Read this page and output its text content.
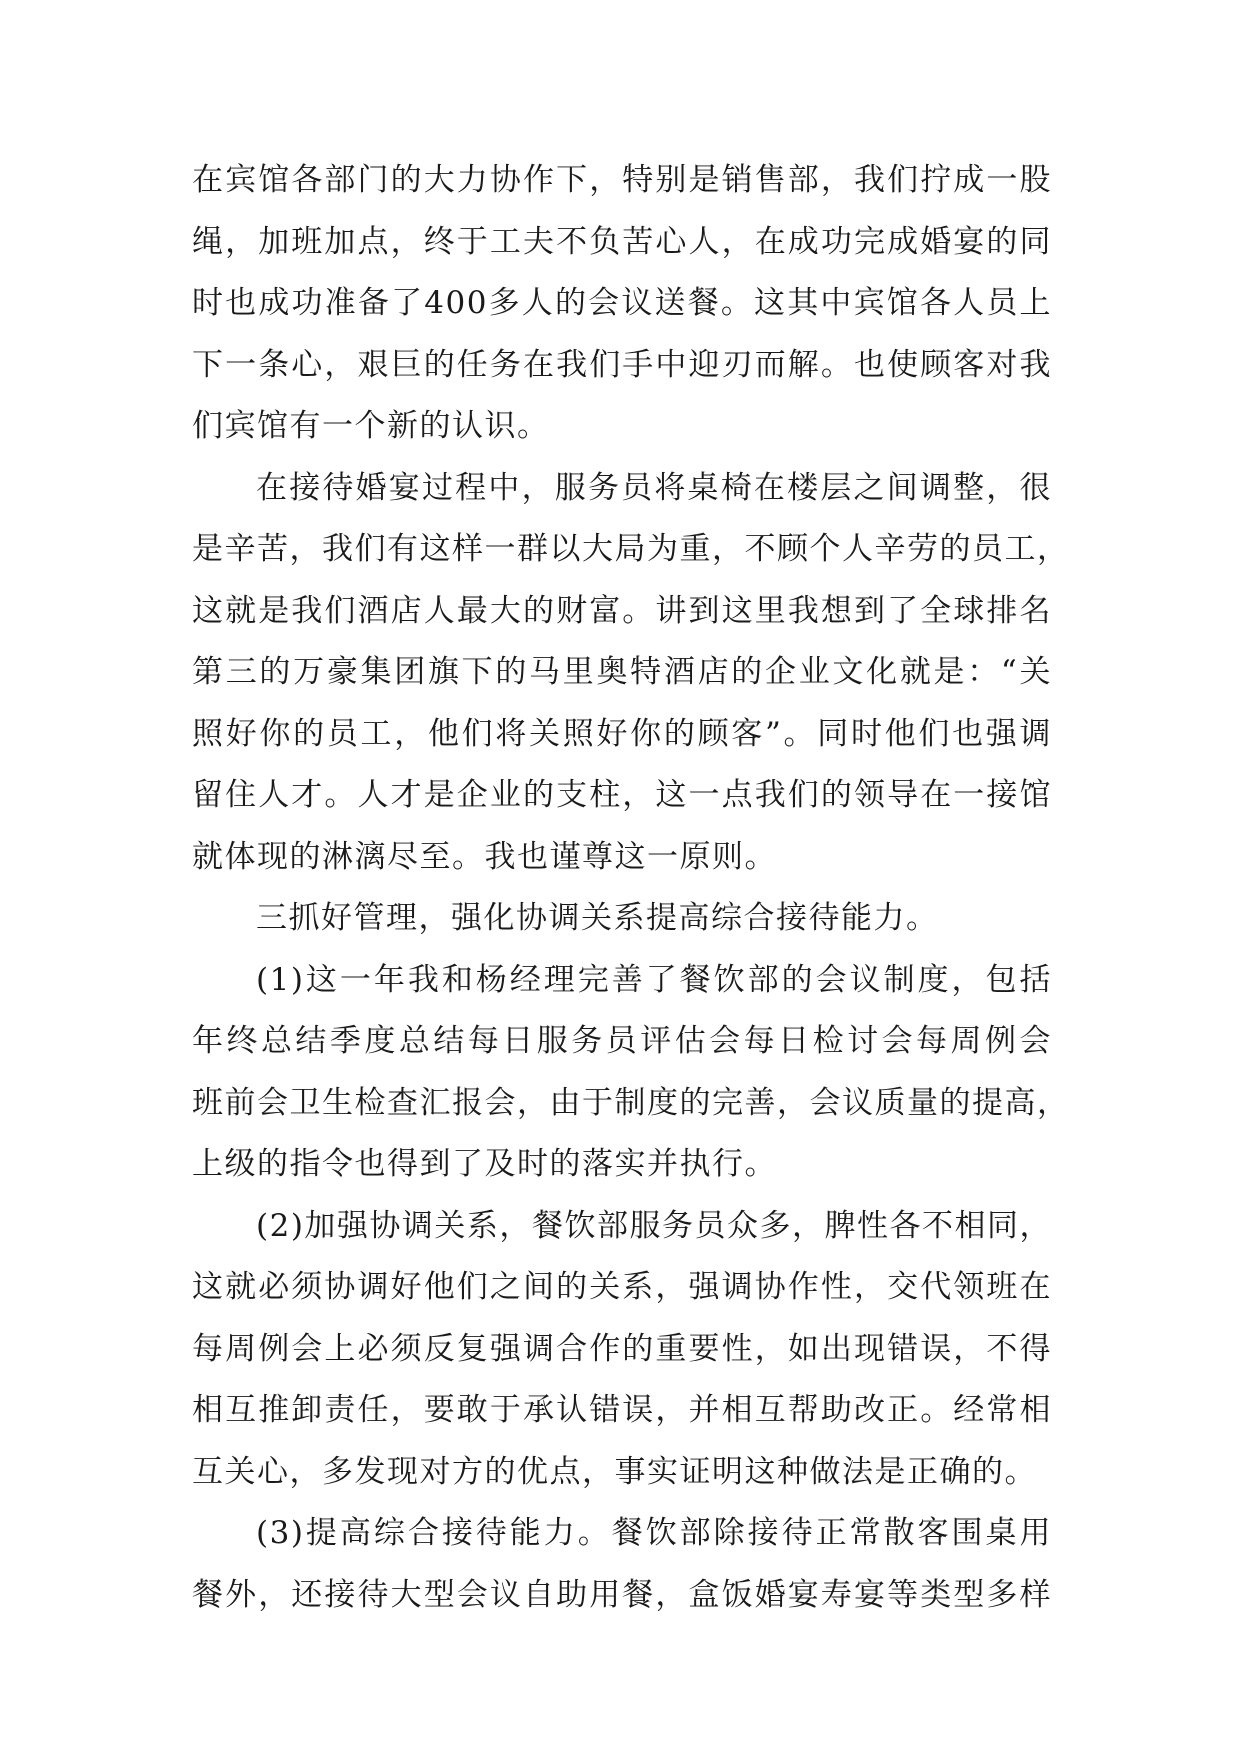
在宾馆各部门的大力协作下，特别是销售部，我们拧成一股
绳，加班加点，终于工夫不负苦心人，在成功完成婚宴的同
时也成功准备了400多人的会议送餐。这其中宾馆各人员上
下一条心，艰巨的任务在我们手中迎刃而解。也使顾客对我
们宾馆有一个新的认识。
在接待婚宴过程中，服务员将桌椅在楼层之间调整，很
是辛苦，我们有这样一群以大局为重，不顾个人辛劳的员工，
这就是我们酒店人最大的财富。讲到这里我想到了全球排名
第三的万豪集团旗下的马里奥特酒店的企业文化就是：“关
照好你的员工，他们将关照好你的顾客”。同时他们也强调
留住人才。人才是企业的支柱，这一点我们的领导在一接馆
就体现的淋漓尽至。我也谨尊这一原则。
三抓好管理，强化协调关系提高综合接待能力。
(1)这一年我和杨经理完善了餐饮部的会议制度，包括
年终总结季度总结每日服务员评估会每日检讨会每周例会
班前会卫生检查汇报会，由于制度的完善，会议质量的提高，
上级的指令也得到了及时的落实并执行。
(2)加强协调关系，餐饮部服务员众多，脾性各不相同，
这就必须协调好他们之间的关系，强调协作性，交代领班在
每周例会上必须反复强调合作的重要性，如出现错误，不得
相互推卸责任，要敢于承认错误，并相互帮助改正。经常相
互关心，多发现对方的优点，事实证明这种做法是正确的。
(3)提高综合接待能力。餐饮部除接待正常散客围桌用
餐外，还接待大型会议自助用餐，盒饭婚宴寿宴等类型多样
